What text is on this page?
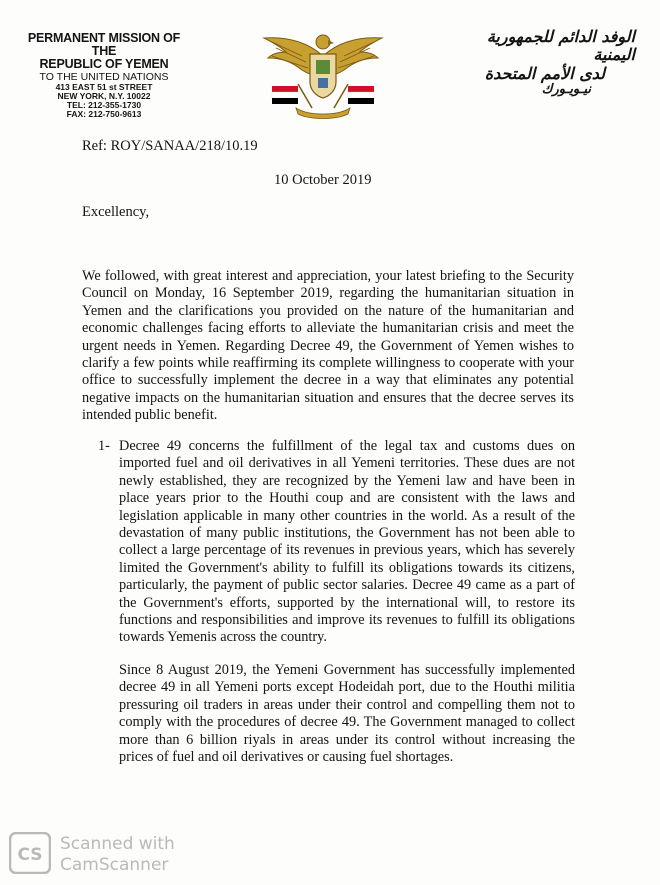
PERMANENT MISSION OF THE
REPUBLIC OF YEMEN
TO THE UNITED NATIONS
413 EAST 51 st STREET
NEW YORK, N.Y. 10022
TEL: 212-355-1730
FAX: 212-750-9613
الوفد الدائم للجمهورية اليمنية
لدى الأمم المتحدة
نيـويـورك
Ref: ROY/SANAA/218/10.19
10 October 2019
Excellency,
We followed, with great interest and appreciation, your latest briefing to the Security Council on Monday, 16 September 2019, regarding the humanitarian situation in Yemen and the clarifications you provided on the nature of the humanitarian and economic challenges facing efforts to alleviate the humanitarian crisis and meet the urgent needs in Yemen. Regarding Decree 49, the Government of Yemen wishes to clarify a few points while reaffirming its complete willingness to cooperate with your office to successfully implement the decree in a way that eliminates any potential negative impacts on the humanitarian situation and ensures that the decree serves its intended public benefit.
1- Decree 49 concerns the fulfillment of the legal tax and customs dues on imported fuel and oil derivatives in all Yemeni territories. These dues are not newly established, they are recognized by the Yemeni law and have been in place years prior to the Houthi coup and are consistent with the laws and legislation applicable in many other countries in the world. As a result of the devastation of many public institutions, the Government has not been able to collect a large percentage of its revenues in previous years, which has severely limited the Government's ability to fulfill its obligations towards its citizens, particularly, the payment of public sector salaries. Decree 49 came as a part of the Government's efforts, supported by the international will, to restore its functions and responsibilities and improve its revenues to fulfill its obligations towards Yemenis across the country.
Since 8 August 2019, the Yemeni Government has successfully implemented decree 49 in all Yemeni ports except Hodeidah port, due to the Houthi militia pressuring oil traders in areas under their control and compelling them not to comply with the procedures of decree 49. The Government managed to collect more than 6 billion riyals in areas under its control without increasing the prices of fuel and oil derivatives or causing fuel shortages.
CS
Scanned with
CamScanner
